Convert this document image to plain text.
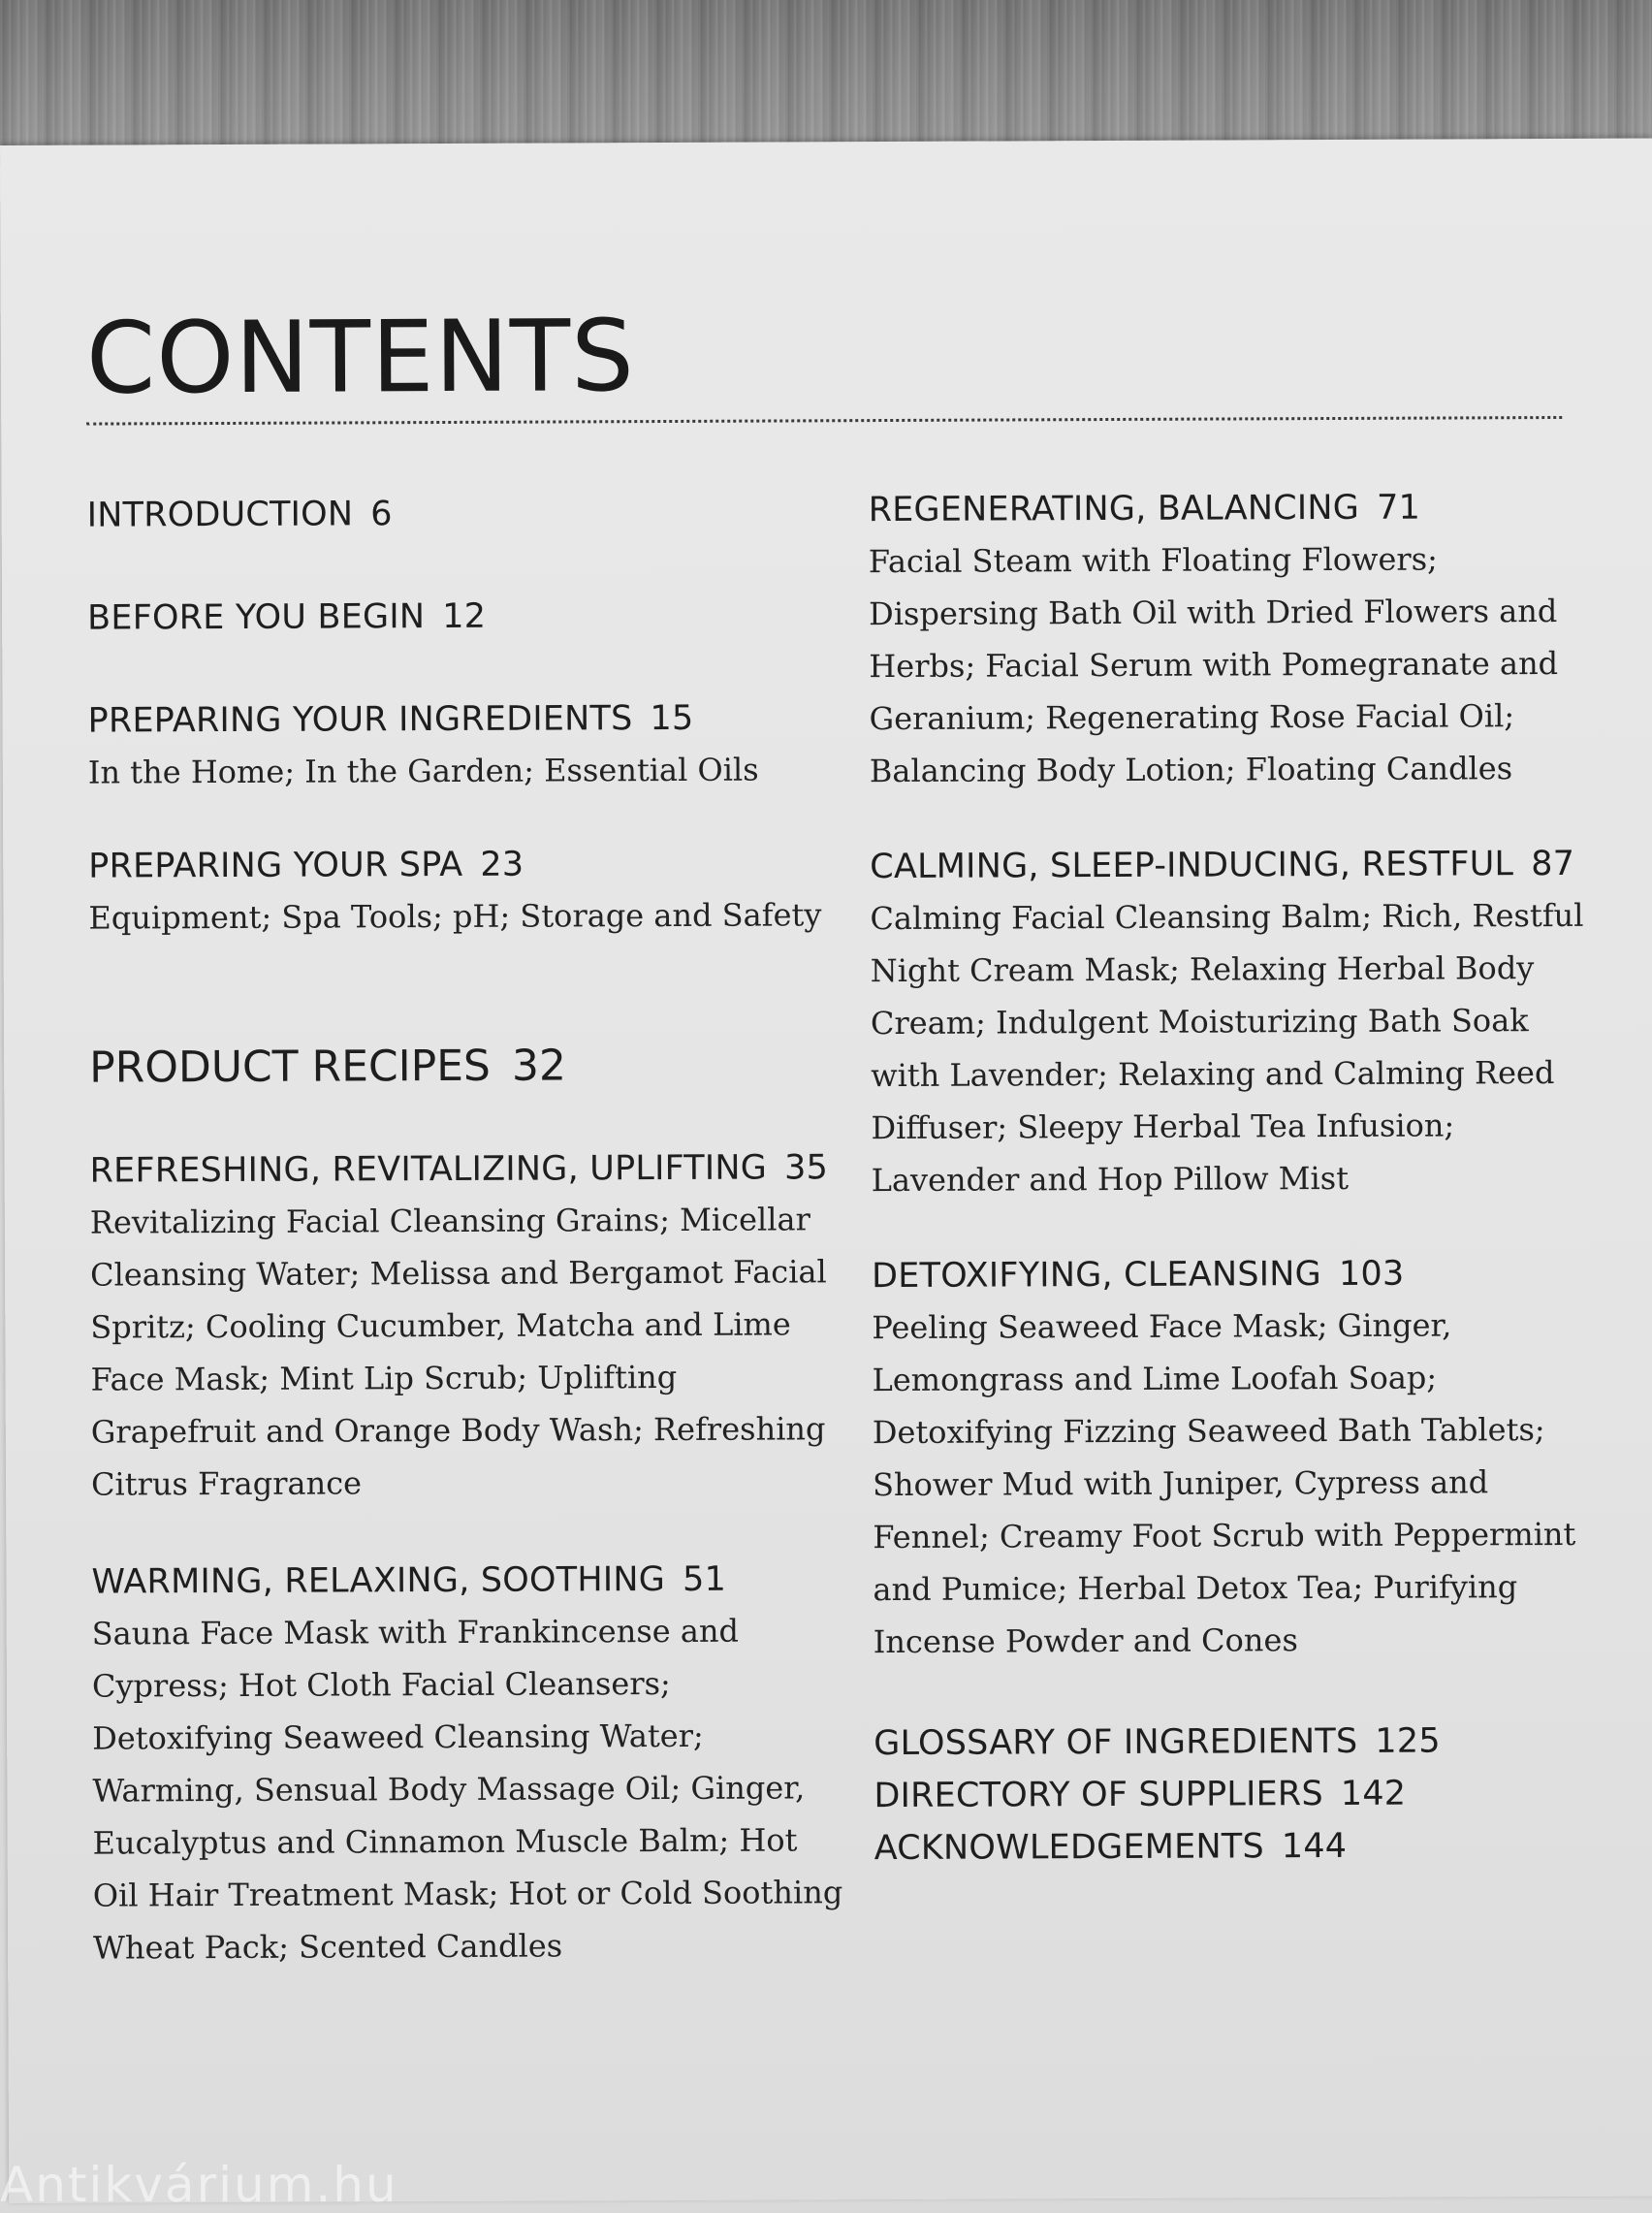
CONTENTS
INTRODUCTION 6
BEFORE YOU BEGIN 12
PREPARING YOUR INGREDIENTS 15
In the Home; In the Garden; Essential Oils
PREPARING YOUR SPA 23
Equipment; Spa Tools; pH; Storage and Safety
PRODUCT RECIPES 32
REFRESHING, REVITALIZING, UPLIFTING 35
Revitalizing Facial Cleansing Grains; Micellar Cleansing Water; Melissa and Bergamot Facial Spritz; Cooling Cucumber, Matcha and Lime Face Mask; Mint Lip Scrub; Uplifting Grapefruit and Orange Body Wash; Refreshing Citrus Fragrance
WARMING, RELAXING, SOOTHING 51
Sauna Face Mask with Frankincense and Cypress; Hot Cloth Facial Cleansers; Detoxifying Seaweed Cleansing Water; Warming, Sensual Body Massage Oil; Ginger, Eucalyptus and Cinnamon Muscle Balm; Hot Oil Hair Treatment Mask; Hot or Cold Soothing Wheat Pack; Scented Candles
REGENERATING, BALANCING 71
Facial Steam with Floating Flowers; Dispersing Bath Oil with Dried Flowers and Herbs; Facial Serum with Pomegranate and Geranium; Regenerating Rose Facial Oil; Balancing Body Lotion; Floating Candles
CALMING, SLEEP-INDUCING, RESTFUL 87
Calming Facial Cleansing Balm; Rich, Restful Night Cream Mask; Relaxing Herbal Body Cream; Indulgent Moisturizing Bath Soak with Lavender; Relaxing and Calming Reed Diffuser; Sleepy Herbal Tea Infusion; Lavender and Hop Pillow Mist
DETOXIFYING, CLEANSING 103
Peeling Seaweed Face Mask; Ginger, Lemongrass and Lime Loofah Soap; Detoxifying Fizzing Seaweed Bath Tablets; Shower Mud with Juniper, Cypress and Fennel; Creamy Foot Scrub with Peppermint and Pumice; Herbal Detox Tea; Purifying Incense Powder and Cones
GLOSSARY OF INGREDIENTS 125
DIRECTORY OF SUPPLIERS 142
ACKNOWLEDGEMENTS 144
Antikvárium.hu
